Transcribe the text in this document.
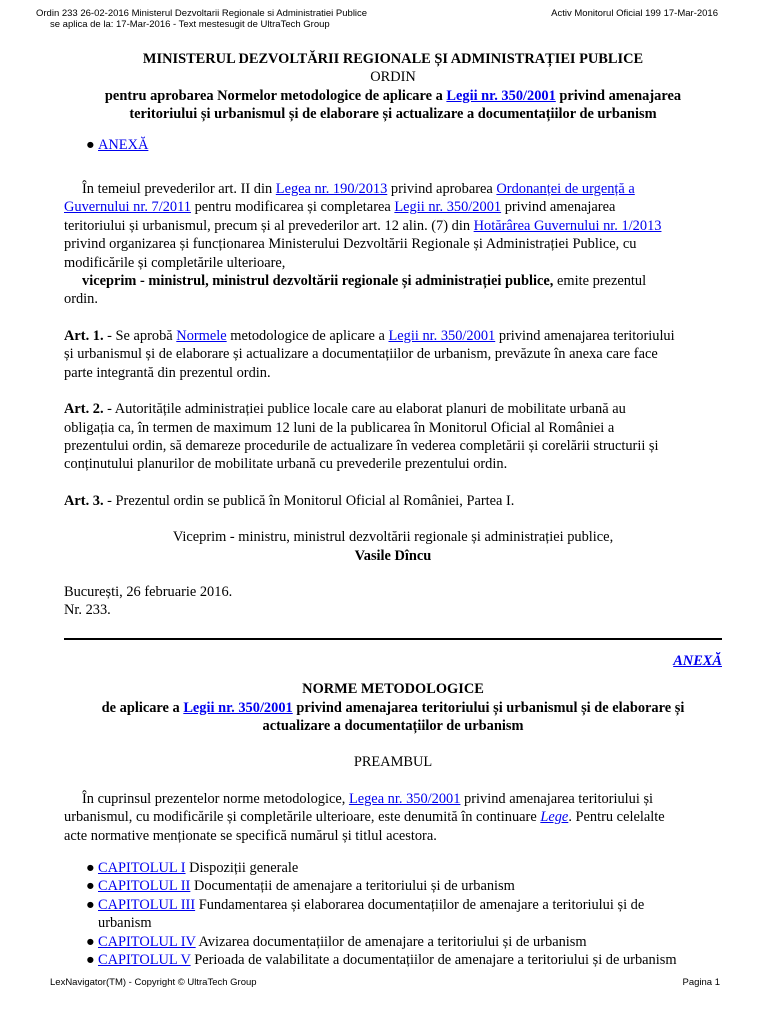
Ordin 233 26-02-2016 Ministerul Dezvoltarii Regionale si Administratiei Publice
se aplica de la: 17-Mar-2016 - Text mestesugit de UltraTech Group
Activ Monitorul Oficial 199 17-Mar-2016
MINISTERUL DEZVOLTĂRII REGIONALE ȘI ADMINISTRAȚIEI PUBLICE
ORDIN
pentru aprobarea Normelor metodologice de aplicare a Legii nr. 350/2001 privind amenajarea
teritoriului și urbanismul și de elaborare și actualizare a documentațiilor de urbanism
● ANEXĂ
În temeiul prevederilor art. II din Legea nr. 190/2013 privind aprobarea Ordonanței de urgență a
Guvernului nr. 7/2011 pentru modificarea și completarea Legii nr. 350/2001 privind amenajarea
teritoriului și urbanismul, precum și al prevederilor art. 12 alin. (7) din Hotărârea Guvernului nr. 1/2013
privind organizarea și funcționarea Ministerului Dezvoltării Regionale și Administrației Publice, cu
modificările și completările ulterioare,
viceprim - ministrul, ministrul dezvoltării regionale și administrației publice, emite prezentul
ordin.
Art. 1. - Se aprobă Normele metodologice de aplicare a Legii nr. 350/2001 privind amenajarea teritoriului
și urbanismul și de elaborare și actualizare a documentațiilor de urbanism, prevăzute în anexa care face
parte integrantă din prezentul ordin.
Art. 2. - Autoritățile administrației publice locale care au elaborat planuri de mobilitate urbană au
obligația ca, în termen de maximum 12 luni de la publicarea în Monitorul Oficial al României a
prezentului ordin, să demareze procedurile de actualizare în vederea completării și corelării structurii și
conținutului planurilor de mobilitate urbană cu prevederile prezentului ordin.
Art. 3. - Prezentul ordin se publică în Monitorul Oficial al României, Partea I.
Viceprim - ministru, ministrul dezvoltării regionale și administrației publice,
Vasile Dîncu
București, 26 februarie 2016.
Nr. 233.
ANEXĂ
NORME METODOLOGICE
de aplicare a Legii nr. 350/2001 privind amenajarea teritoriului și urbanismul și de elaborare și
actualizare a documentațiilor de urbanism
PREAMBUL
În cuprinsul prezentelor norme metodologice, Legea nr. 350/2001 privind amenajarea teritoriului și
urbanismul, cu modificările și completările ulterioare, este denumită în continuare Lege. Pentru celelalte
acte normative menționate se specifică numărul și titlul acestora.
● CAPITOLUL I Dispoziții generale
● CAPITOLUL II Documentații de amenajare a teritoriului și de urbanism
● CAPITOLUL III Fundamentarea și elaborarea documentațiilor de amenajare a teritoriului și de
urbanism
● CAPITOLUL IV Avizarea documentațiilor de amenajare a teritoriului și de urbanism
● CAPITOLUL V Perioada de valabilitate a documentațiilor de amenajare a teritoriului și de urbanism
LexNavigator(TM) - Copyright © UltraTech Group	Pagina 1
